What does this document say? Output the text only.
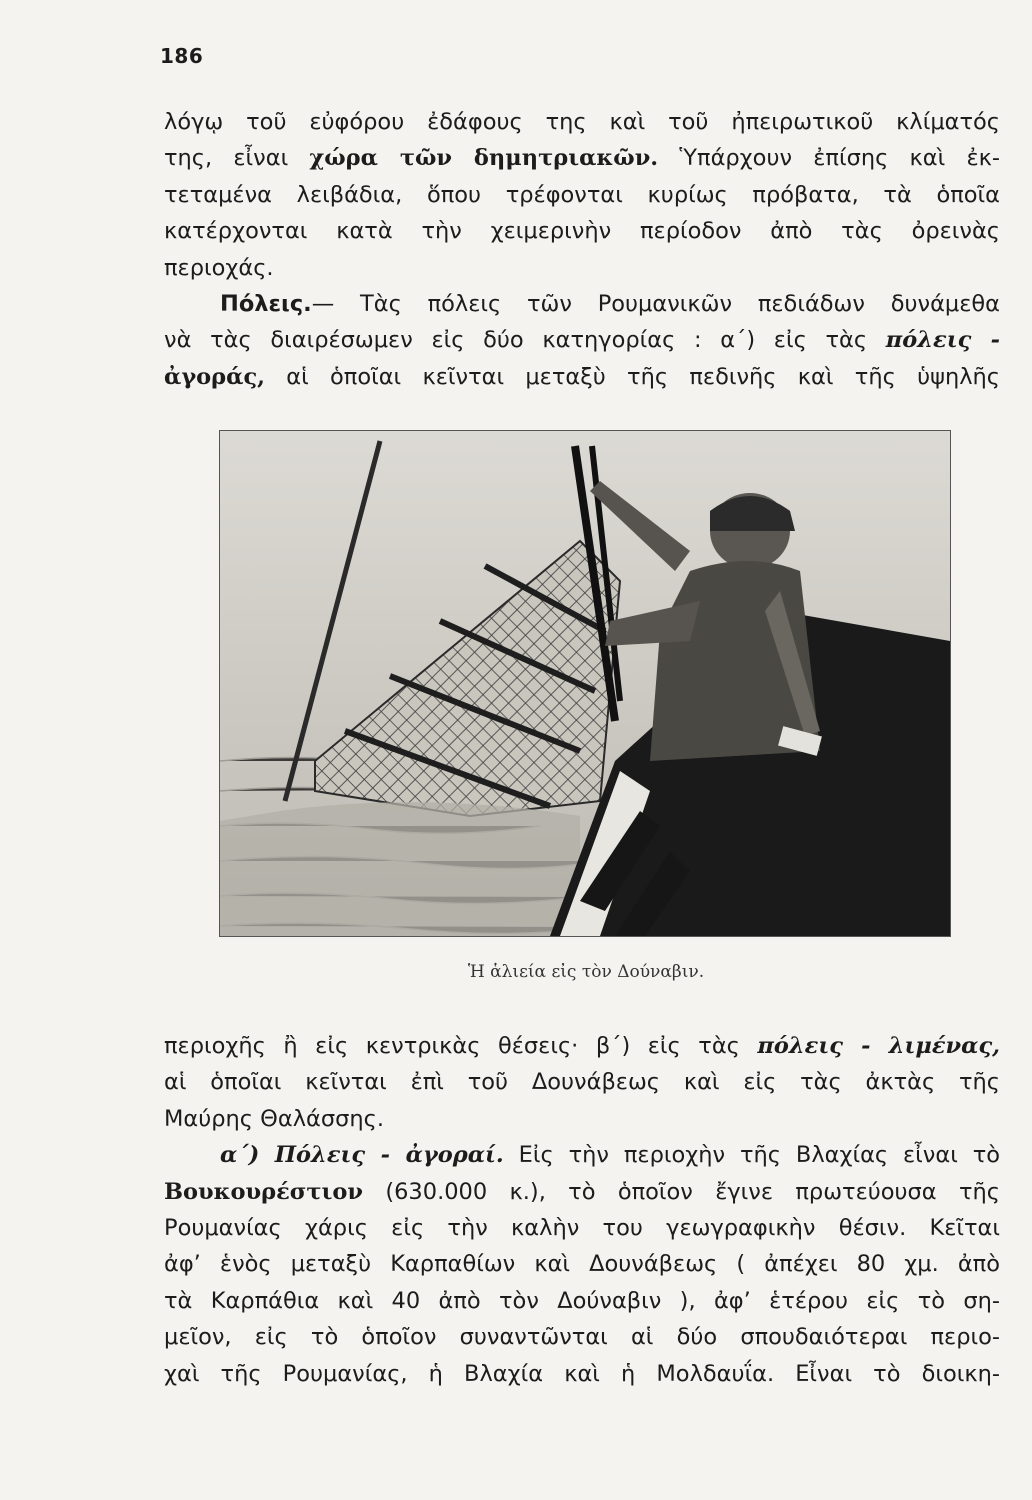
186

λόγῳ τοῦ εὐφόρου ἐδάφους της καὶ τοῦ ἠπειρωτικοῦ κλίματός
της, εἶναι χώρα τῶν δημητριακῶν. Ὑπάρχουν ἐπίσης καὶ ἐκ-
τεταμένα λειβάδια, ὅπου τρέφονται κυρίως πρόβατα, τὰ ὁποῖα
κατέρχονται κατὰ τὴν χειμερινὴν περίοδον ἀπὸ τὰς ὀρεινὰς
περιοχάς.

Πόλεις.— Τὰς πόλεις τῶν Ρουμανικῶν πεδιάδων δυνάμεθα
νὰ τὰς διαιρέσωμεν εἰς δύο κατηγορίας : α΄) εἰς τὰς πόλεις -
ἀγοράς, αἱ ὁποῖαι κεῖνται μεταξὺ τῆς πεδινῆς καὶ τῆς ὑψηλῆς

Ἡ ἁλιεία εἰς τὸν Δούναβιν.

περιοχῆς ἢ εἰς κεντρικὰς θέσεις· β΄) εἰς τὰς πόλεις - λιμένας,
αἱ ὁποῖαι κεῖνται ἐπὶ τοῦ Δουνάβεως καὶ εἰς τὰς ἀκτὰς τῆς
Μαύρης Θαλάσσης.

α΄) Πόλεις - ἀγοραί. Εἰς τὴν περιοχὴν τῆς Βλαχίας εἶναι τὸ
Βουκουρέστιον (630.000 κ.), τὸ ὁποῖον ἔγινε πρωτεύουσα τῆς
Ρουμανίας χάρις εἰς τὴν καλὴν του γεωγραφικὴν θέσιν. Κεῖται
ἀφ’ ἑνὸς μεταξὺ Καρπαθίων καὶ Δουνάβεως ( ἀπέχει 80 χμ. ἀπὸ
τὰ Καρπάθια καὶ 40 ἀπὸ τὸν Δούναβιν ), ἀφ’ ἑτέρου εἰς τὸ ση-
μεῖον, εἰς τὸ ὁποῖον συναντῶνται αἱ δύο σπουδαιότεραι περιο-
χαὶ τῆς Ρουμανίας, ἡ Βλαχία καὶ ἡ Μολδαυΐα. Εἶναι τὸ διοικη-
